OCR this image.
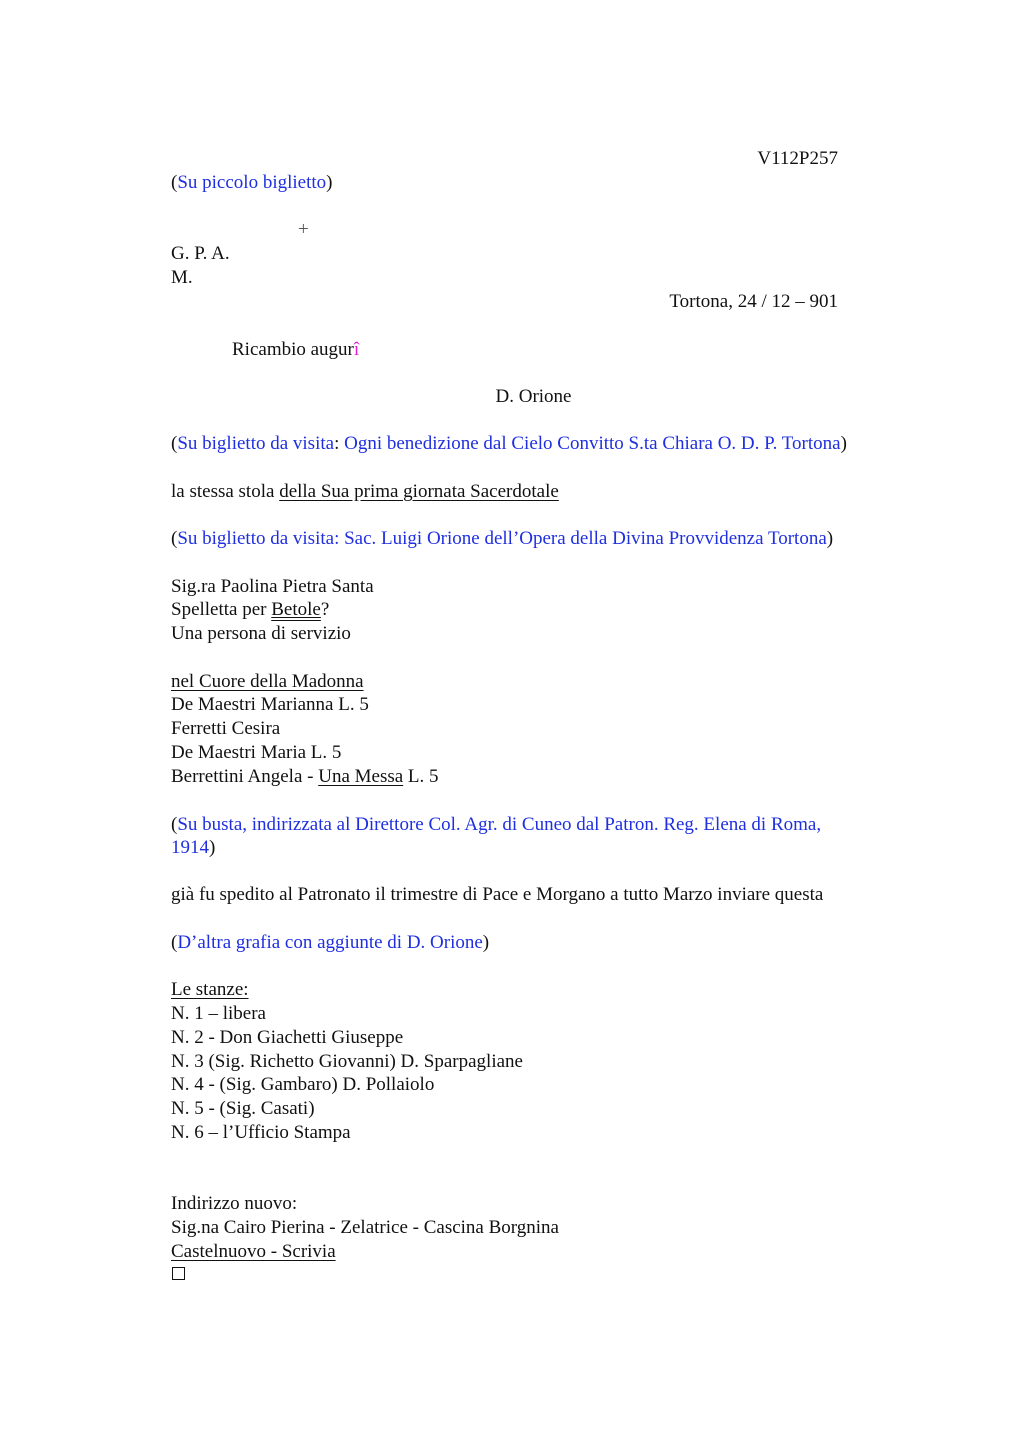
V112P257
(Su piccolo biglietto)
+
G. P. A.
M.
Tortona, 24 / 12 – 901
Ricambio augurî
D. Orione
(Su biglietto da visita: Ogni benedizione dal Cielo Convitto S.ta Chiara O. D. P. Tortona)
la stessa stola della Sua prima giornata Sacerdotale
(Su biglietto da visita: Sac. Luigi Orione dell’Opera della Divina Provvidenza Tortona)
Sig.ra Paolina Pietra Santa
Spelletta per Betole?
Una persona di servizio
nel Cuore della Madonna
De Maestri Marianna L. 5
Ferretti Cesira
De Maestri Maria L. 5
Berrettini Angela - Una Messa L. 5
(Su busta, indirizzata al Direttore Col. Agr. di Cuneo dal Patron. Reg. Elena di Roma,
1914)
già fu spedito al Patronato il trimestre di Pace e Morgano a tutto Marzo inviare questa
(D’altra grafia con aggiunte di D. Orione)
Le stanze:
N. 1 – libera
N. 2 - Don Giachetti Giuseppe
N. 3 (Sig. Richetto Giovanni) D. Sparpagliane
N. 4 - (Sig. Gambaro) D. Pollaiolo
N. 5 - (Sig. Casati)
N. 6 – l’Ufficio Stampa
Indirizzo nuovo:
Sig.na Cairo Pierina - Zelatrice - Cascina Borgnina
Castelnuovo - Scrivia
